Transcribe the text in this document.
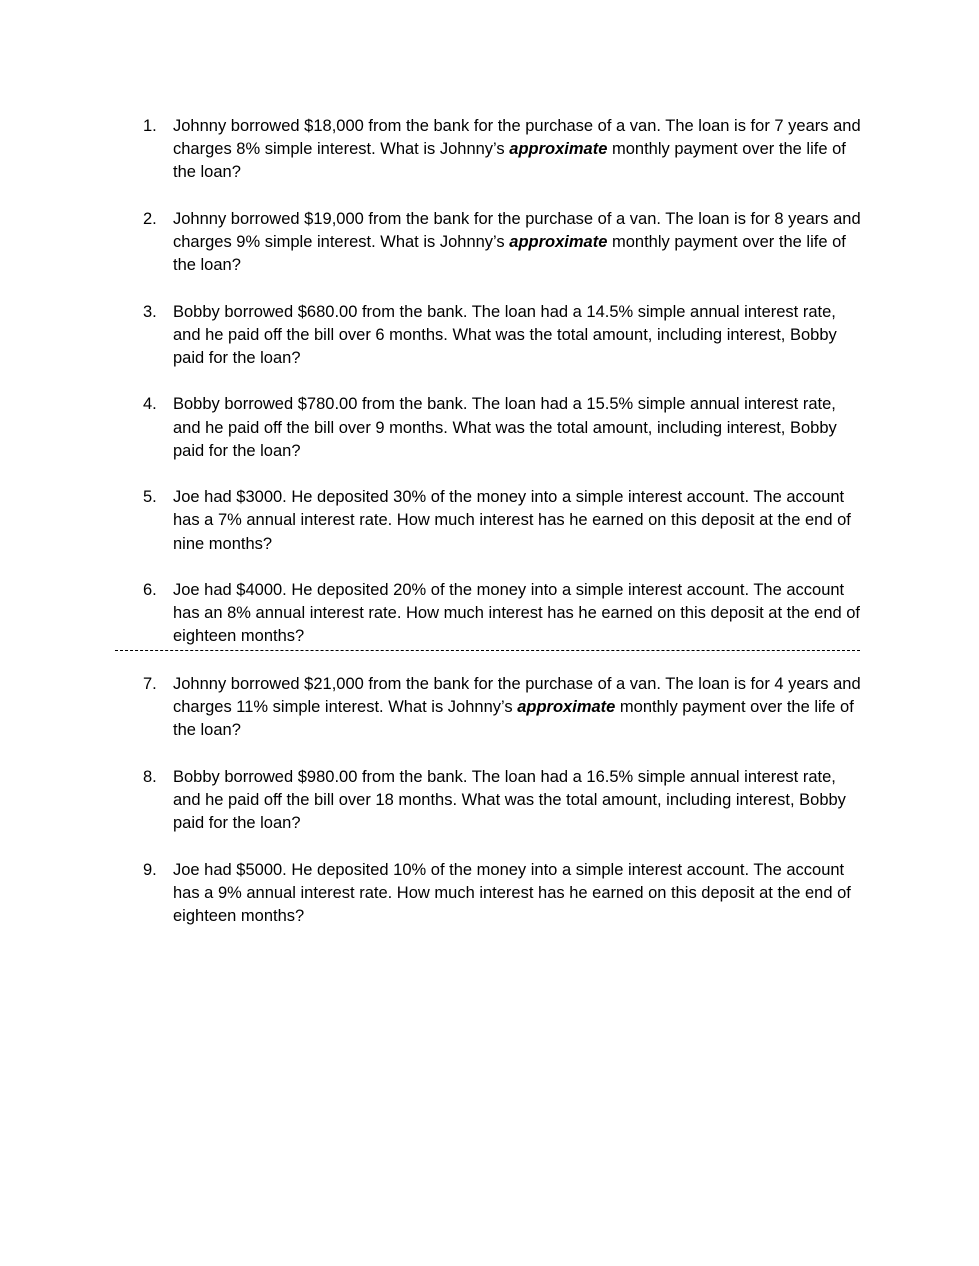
1. Johnny borrowed $18,000 from the bank for the purchase of a van. The loan is for 7 years and charges 8% simple interest. What is Johnny’s approximate monthly payment over the life of the loan?
2. Johnny borrowed $19,000 from the bank for the purchase of a van. The loan is for 8 years and charges 9% simple interest. What is Johnny’s approximate monthly payment over the life of the loan?
3. Bobby borrowed $680.00 from the bank. The loan had a 14.5% simple annual interest rate, and he paid off the bill over 6 months. What was the total amount, including interest, Bobby paid for the loan?
4. Bobby borrowed $780.00 from the bank. The loan had a 15.5% simple annual interest rate, and he paid off the bill over 9 months. What was the total amount, including interest, Bobby paid for the loan?
5. Joe had $3000. He deposited 30% of the money into a simple interest account. The account has a 7% annual interest rate. How much interest has he earned on this deposit at the end of nine months?
6. Joe had $4000. He deposited 20% of the money into a simple interest account. The account has an 8% annual interest rate. How much interest has he earned on this deposit at the end of eighteen months?
7. Johnny borrowed $21,000 from the bank for the purchase of a van. The loan is for 4 years and charges 11% simple interest. What is Johnny’s approximate monthly payment over the life of the loan?
8. Bobby borrowed $980.00 from the bank. The loan had a 16.5% simple annual interest rate, and he paid off the bill over 18 months. What was the total amount, including interest, Bobby paid for the loan?
9. Joe had $5000. He deposited 10% of the money into a simple interest account. The account has a 9% annual interest rate. How much interest has he earned on this deposit at the end of eighteen months?
